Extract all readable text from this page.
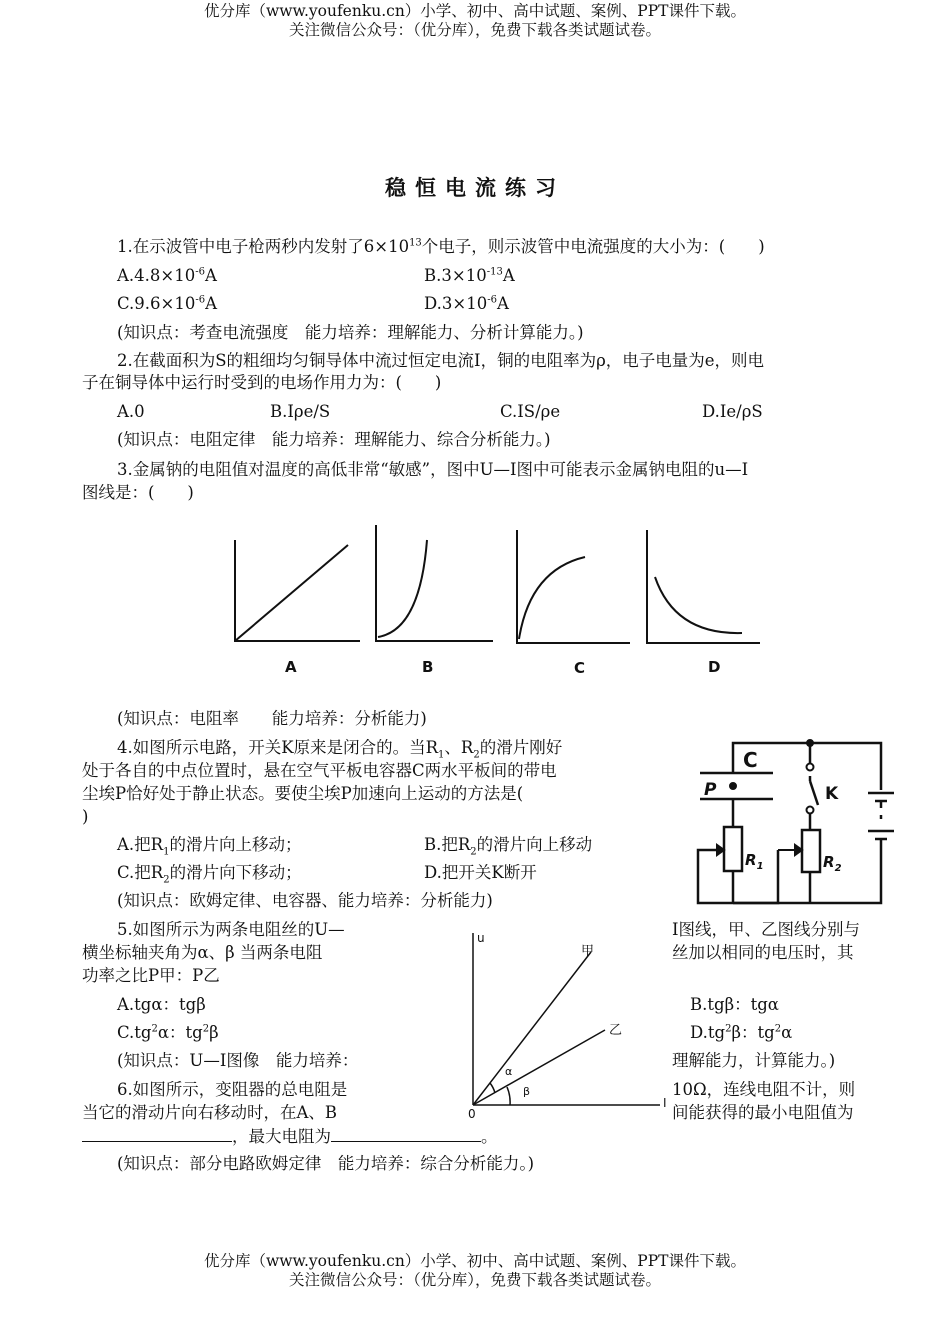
优分库（www.youfenku.cn）小学、初中、高中试题、案例、PPT课件下载。
关注微信公众号：（优分库），免费下载各类试题试卷。
稳恒电流练习
1.在示波管中电子枪两秒内发射了$6\times 10^{13}$个电子，则示波管中电流强度的大小为：(　　)
$A.4.8\times 10^{-6}A$	$B.3\times 10^{-13}A$
$C.9.6\times 10^{-6}A$	$D.3\times 10^{-6}A$
(知识点：考查电流强度　能力培养：理解能力、分析计算能力。)
2.在截面积为S的粗细均匀铜导体中流过恒定电流I，铜的电阻率为ρ，电子电量为e，则电
子在铜导体中运行时受到的电场作用力为：(　　)
A.0	B.Iρe/S	C.IS/ρe	D.Ie/ρS
(知识点：电阻定律　能力培养：理解能力、综合分析能力。)
3.金属钠的电阻值对温度的高低非常“敏感”，图中U—I图中可能表示金属钠电阻的u—I
图线是：(　　)
A	B	C	D
(知识点：电阻率　　能力培养：分析能力)
4.如图所示电路，开关K原来是闭合的。当$R_1$、$R_2$的滑片刚好
处于各自的中点位置时，悬在空气平板电容器C两水平板间的带电
尘埃P恰好处于静止状态。要使尘埃P加速向上运动的方法是(
)
A.把$R_1$的滑片向上移动；	B.把$R_2$的滑片向上移动
C.把$R_2$的滑片向下移动；	D.把开关K断开
(知识点：欧姆定律、电容器、能力培养：分析能力)
C
P	K
$R_1$	$R_2$
5.如图所示为两条电阻丝的U—	I图线，甲、乙图线分别与
横坐标轴夹角为α、β 当两条电阻	丝加以相同的电压时，其
功率之比P甲：P乙
A.tgα：tgβ	B.tgβ：tgα
$C.tg^2\alpha$：$tg^2\beta$	$D.tg^2\beta$：$tg^2\alpha$
(知识点：U—I图像　能力培养：	理解能力，计算能力。)
u
I
0
甲
乙
α
β
6.如图所示，变阻器的总电阻是	10Ω，连线电阻不计，则
当它的滑动片向右移动时，在A、B	间能获得的最小电阻值为
，最大电阻为	。
(知识点：部分电路欧姆定律　能力培养：综合分析能力。)
优分库（www.youfenku.cn）小学、初中、高中试题、案例、PPT课件下载。
关注微信公众号：（优分库），免费下载各类试题试卷。
